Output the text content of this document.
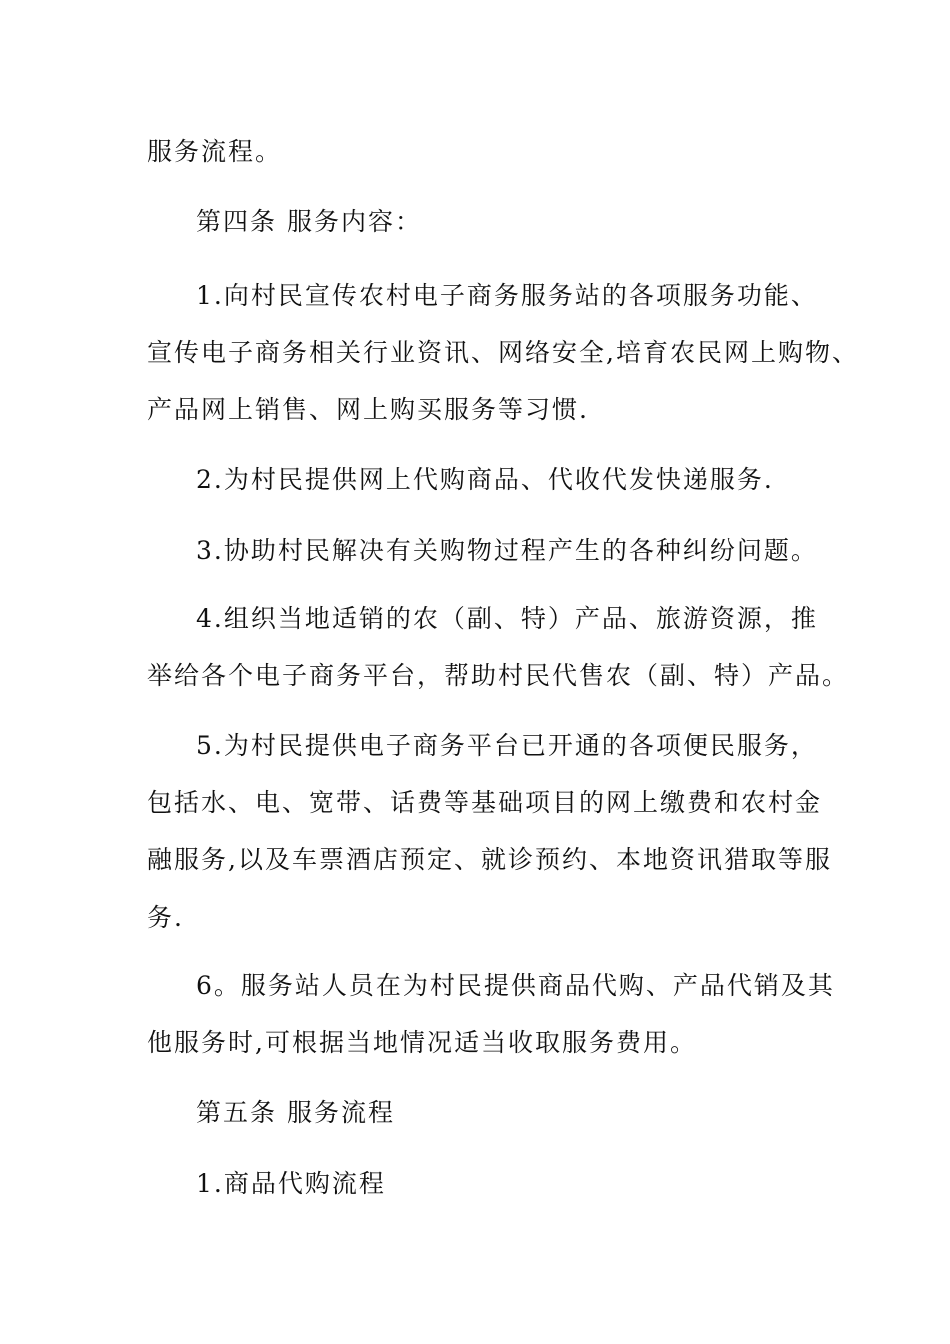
服务流程。
第四条 服务内容：
1.向村民宣传农村电子商务服务站的各项服务功能、
宣传电子商务相关行业资讯、网络安全,培育农民网上购物、
产品网上销售、网上购买服务等习惯.
2.为村民提供网上代购商品、代收代发快递服务.
3.协助村民解决有关购物过程产生的各种纠纷问题。
4.组织当地适销的农（副、特）产品、旅游资源，推
举给各个电子商务平台，帮助村民代售农（副、特）产品。
5.为村民提供电子商务平台已开通的各项便民服务，
包括水、电、宽带、话费等基础项目的网上缴费和农村金
融服务,以及车票酒店预定、就诊预约、本地资讯猎取等服
务.
6。服务站人员在为村民提供商品代购、产品代销及其
他服务时,可根据当地情况适当收取服务费用。
第五条 服务流程
1.商品代购流程
